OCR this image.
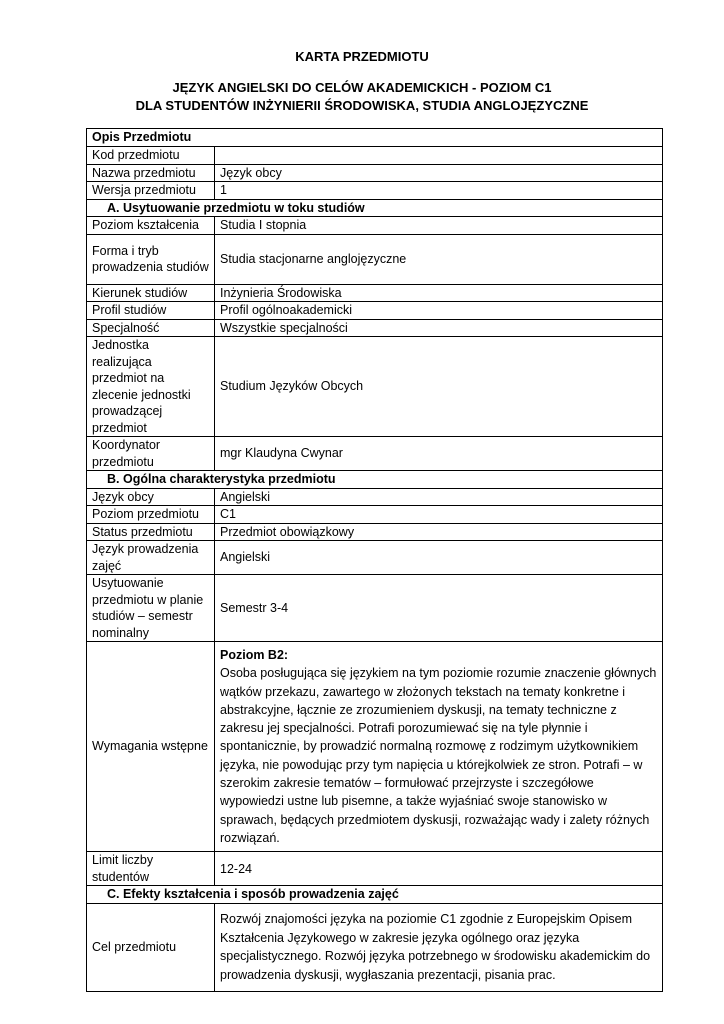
KARTA PRZEDMIOTU
JĘZYK ANGIELSKI DO CELÓW AKADEMICKICH - POZIOM C1
DLA STUDENTÓW INŻYNIERII ŚRODOWISKA, STUDIA ANGLOJĘZYCZNE
Opis Przedmiotu	
Kod przedmiotu	
Nazwa przedmiotu	Język obcy
Wersja przedmiotu	1
A. Usytuowanie przedmiotu w toku studiów	
Poziom kształcenia	Studia I stopnia
Forma i tryb prowadzenia studiów	Studia stacjonarne anglojęzyczne
Kierunek studiów	Inżynieria Środowiska
Profil studiów	Profil ogólnoakademicki
Specjalność	Wszystkie specjalności
Jednostka realizująca przedmiot na zlecenie jednostki prowadzącej przedmiot	Studium Języków Obcych
Koordynator przedmiotu	mgr Klaudyna Cwynar
B. Ogólna charakterystyka przedmiotu	
Język obcy	Angielski
Poziom przedmiotu	C1
Status przedmiotu	Przedmiot obowiązkowy
Język prowadzenia zajęć	Angielski
Usytuowanie przedmiotu w planie studiów – semestr nominalny	Semestr 3-4
Wymagania wstępne	Poziom B2:
Osoba posługująca się językiem na tym poziomie rozumie znaczenie głównych wątków przekazu, zawartego w złożonych tekstach na tematy konkretne i abstrakcyjne, łącznie ze zrozumieniem dyskusji, na tematy techniczne z zakresu jej specjalności. Potrafi porozumiewać się na tyle płynnie i spontanicznie, by prowadzić normalną rozmowę z rodzimym użytkownikiem języka, nie powodując przy tym napięcia u którejkolwiek ze stron. Potrafi – w szerokim zakresie tematów – formułować przejrzyste i szczegółowe wypowiedzi ustne lub pisemne, a także wyjaśniać swoje stanowisko w sprawach, będących przedmiotem dyskusji, rozważając wady i zalety różnych rozwiązań.
Limit liczby studentów	12-24
C. Efekty kształcenia i sposób prowadzenia zajęć	
Cel przedmiotu	Rozwój znajomości języka na poziomie C1 zgodnie z Europejskim Opisem Kształcenia Językowego w zakresie języka ogólnego oraz języka specjalistycznego. Rozwój języka potrzebnego w środowisku akademickim do prowadzenia dyskusji, wygłaszania prezentacji, pisania prac.
